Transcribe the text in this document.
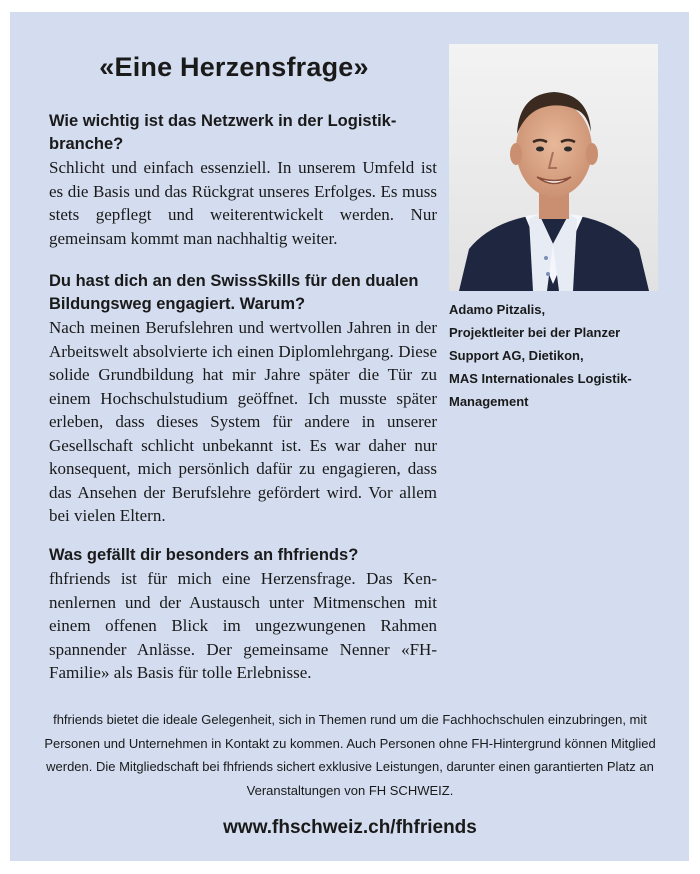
«Eine Herzensfrage»

Wie wichtig ist das Netzwerk in der Logistikbranche?

Schlicht und einfach essenziell. In unserem Umfeld ist es die Basis und das Rückgrat unseres Erfolges. Es muss stets gepflegt und weiterentwickelt werden. Nur gemeinsam kommt man nachhaltig weiter.

Du hast dich an den SwissSkills für den dualen Bildungsweg engagiert. Warum?

Nach meinen Berufslehren und wertvollen Jahren in der Arbeitswelt absolvierte ich einen Diplomlehrgang. Diese solide Grundbildung hat mir Jahre später die Tür zu einem Hochschulstudium geöffnet. Ich musste später erleben, dass dieses System für andere in unserer Gesellschaft schlicht unbekannt ist. Es war daher nur konsequent, mich persönlich dafür zu engagieren, dass das Ansehen der Berufslehre gefördert wird. Vor allem bei vielen Eltern.

Was gefällt dir besonders an fhfriends?

fhfriends ist für mich eine Herzensfrage. Das Kennenlernen und der Austausch unter Mitmenschen mit einem offenen Blick im ungezwungenen Rahmen spannender Anlässe. Der gemeinsame Nenner «FH-Familie» als Basis für tolle Erlebnisse.

Adamo Pitzalis,
Projektleiter bei der Planzer
Support AG, Dietikon,
MAS Internationales Logistik-
Management

fhfriends bietet die ideale Gelegenheit, sich in Themen rund um die Fachhochschulen einzubringen, mit Personen und Unternehmen in Kontakt zu kommen. Auch Personen ohne FH-Hintergrund können Mitglied werden. Die Mitgliedschaft bei fhfriends sichert exklusive Leistungen, darunter einen garantierten Platz an Veranstaltungen von FH SCHWEIZ.

www.fhschweiz.ch/fhfriends
